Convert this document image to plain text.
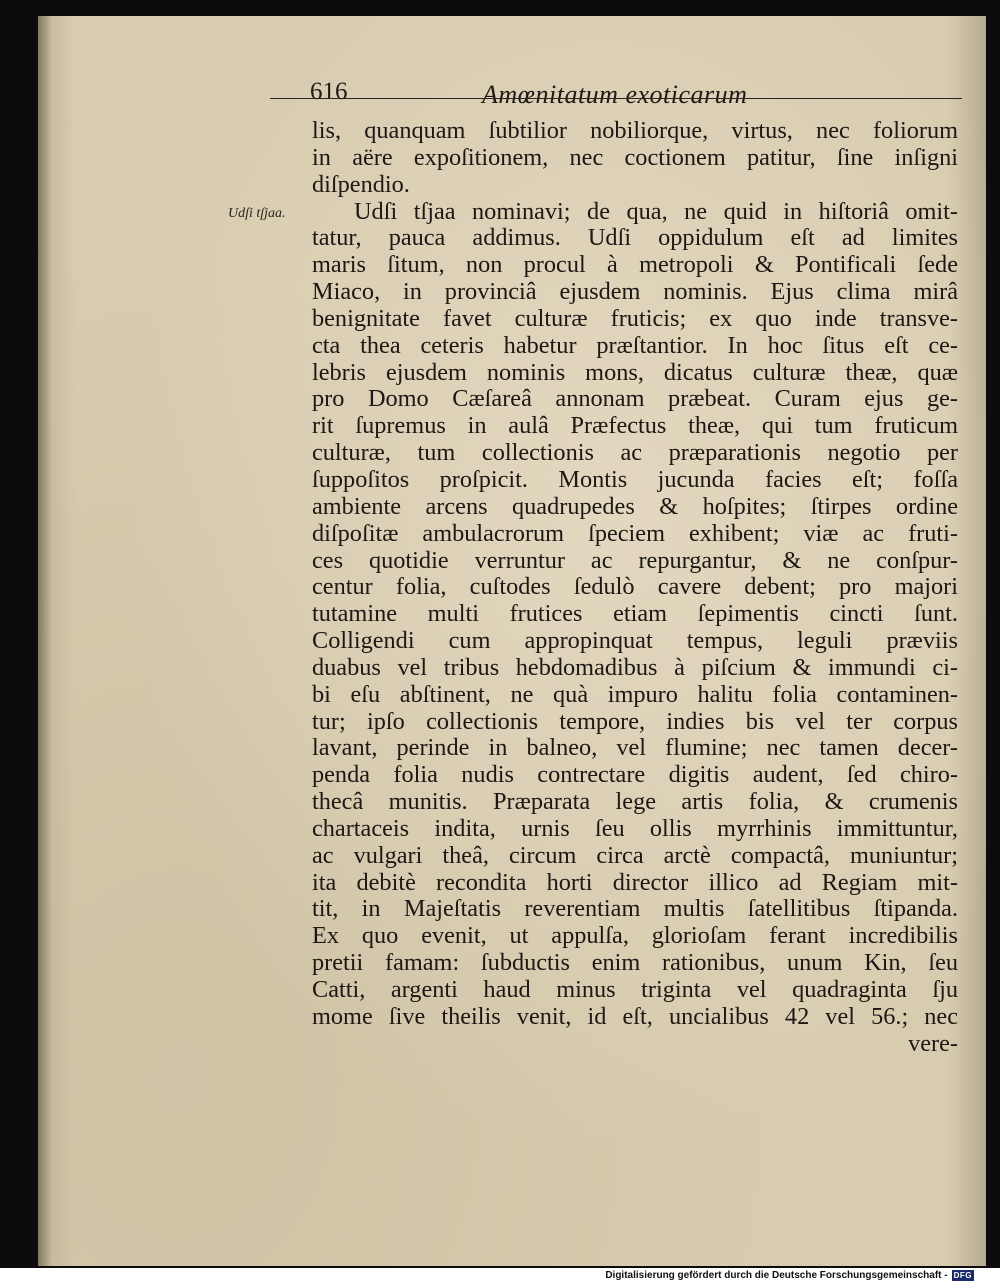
616	Amœnitatum exoticarum
Udſi tſjaa.
lis, quanquam ſubtilior nobiliorque, virtus, nec foliorum
in aëre expoſitionem, nec coctionem patitur, ſine inſigni
diſpendio.
Udſi tſjaa nominavi; de qua, ne quid in hiſtoriâ omit-
tatur, pauca addimus. Udſi oppidulum eſt ad limites
maris ſitum, non procul à metropoli & Pontificali ſede
Miaco, in provinciâ ejusdem nominis. Ejus clima mirâ
benignitate favet culturæ fruticis; ex quo inde transve-
cta thea ceteris habetur præſtantior. In hoc ſitus eſt ce-
lebris ejusdem nominis mons, dicatus culturæ theæ, quæ
pro Domo Cæſareâ annonam præbeat. Curam ejus ge-
rit ſupremus in aulâ Præfectus theæ, qui tum fruticum
culturæ, tum collectionis ac præparationis negotio per
ſuppoſitos proſpicit. Montis jucunda facies eſt; foſſa
ambiente arcens quadrupedes & hoſpites; ſtirpes ordine
diſpoſitæ ambulacrorum ſpeciem exhibent; viæ ac fruti-
ces quotidie verruntur ac repurgantur, & ne conſpur-
centur folia, cuſtodes ſedulò cavere debent; pro majori
tutamine multi frutices etiam ſepimentis cincti ſunt.
Colligendi cum appropinquat tempus, leguli præviis
duabus vel tribus hebdomadibus à piſcium & immundi ci-
bi eſu abſtinent, ne quà impuro halitu folia contaminen-
tur; ipſo collectionis tempore, indies bis vel ter corpus
lavant, perinde in balneo, vel flumine; nec tamen decer-
penda folia nudis contrectare digitis audent, ſed chiro-
thecâ munitis. Præparata lege artis folia, & crumenis
chartaceis indita, urnis ſeu ollis myrrhinis immittuntur,
ac vulgari theâ, circum circa arctè compactâ, muniuntur;
ita debitè recondita horti director illico ad Regiam mit-
tit, in Majeſtatis reverentiam multis ſatellitibus ſtipanda.
Ex quo evenit, ut appulſa, glorioſam ferant incredibilis
pretii famam: ſubductis enim rationibus, unum Kin, ſeu
Catti, argenti haud minus triginta vel quadraginta ſju
mome ſive theilis venit, id eſt, uncialibus 42 vel 56.; nec
vere-
Digitalisierung gefördert durch die Deutsche Forschungsgemeinschaft - DFG
